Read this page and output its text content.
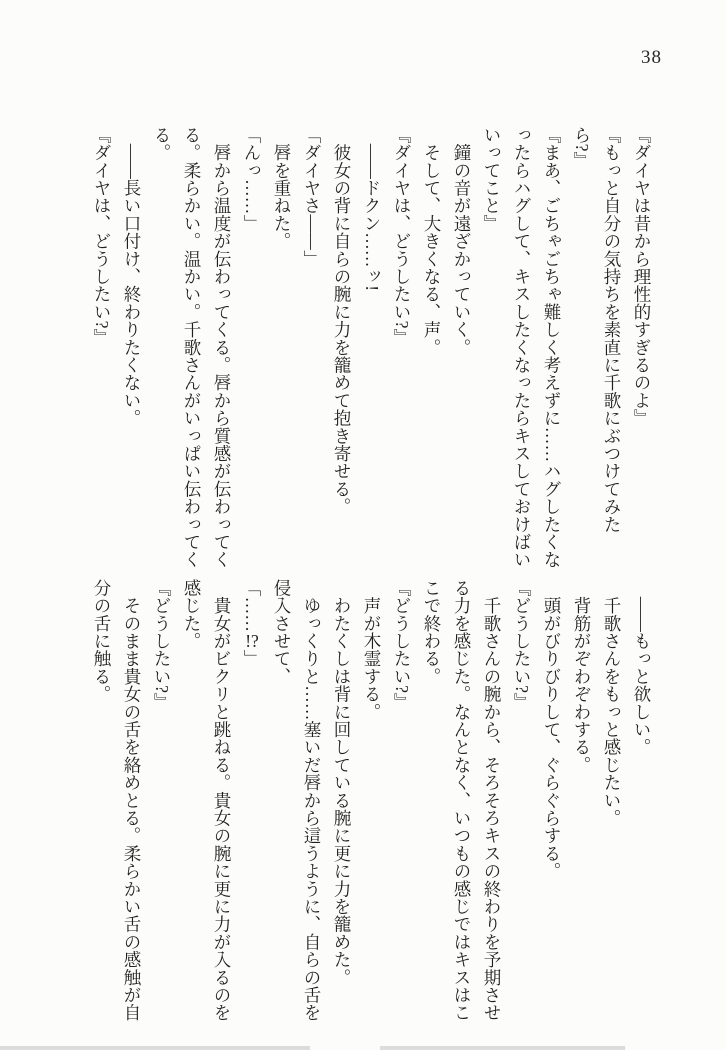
38

『ダイヤは昔から理性的すぎるのよ』

『もっと自分の気持ちを素直に千歌にぶつけてみた

ら?』

『まあ、ごちゃごちゃ難しく考えずに……ハグしたくな

ったらハグして、キスしたくなったらキスしておけばい

いってこと』

　鐘の音が遠ざかっていく。

　そして、大きくなる、声。

『ダイヤは、どうしたい?』

　——ドクン……ッ!

　彼女の背に自らの腕に力を籠めて抱き寄せる。

「ダイヤさ——」

　唇を重ねた。

「んっ……」

　唇から温度が伝わってくる。唇から質感が伝わってく

る。柔らかい。温かい。千歌さんがいっぱい伝わってく

る。

　——長い口付け、終わりたくない。

『ダイヤは、どうしたい?』

　——もっと欲しい。

　千歌さんをもっと感じたい。

　背筋がぞわぞわする。

　頭がびりびりして、ぐらぐらする。

『どうしたい?』

　千歌さんの腕から、そろそろキスの終わりを予期させ

る力を感じた。なんとなく、いつもの感じではキスはこ

こで終わる。

『どうしたい?』

　声が木霊する。

　わたくしは背に回している腕に更に力を籠めた。

　ゆっくりと……塞いだ唇から這うように、自らの舌を

侵入させて、

「……!?」

　貴女がビクリと跳ねる。貴女の腕に更に力が入るのを

感じた。

『どうしたい?』

　そのまま貴女の舌を絡めとる。柔らかい舌の感触が自

分の舌に触る。
